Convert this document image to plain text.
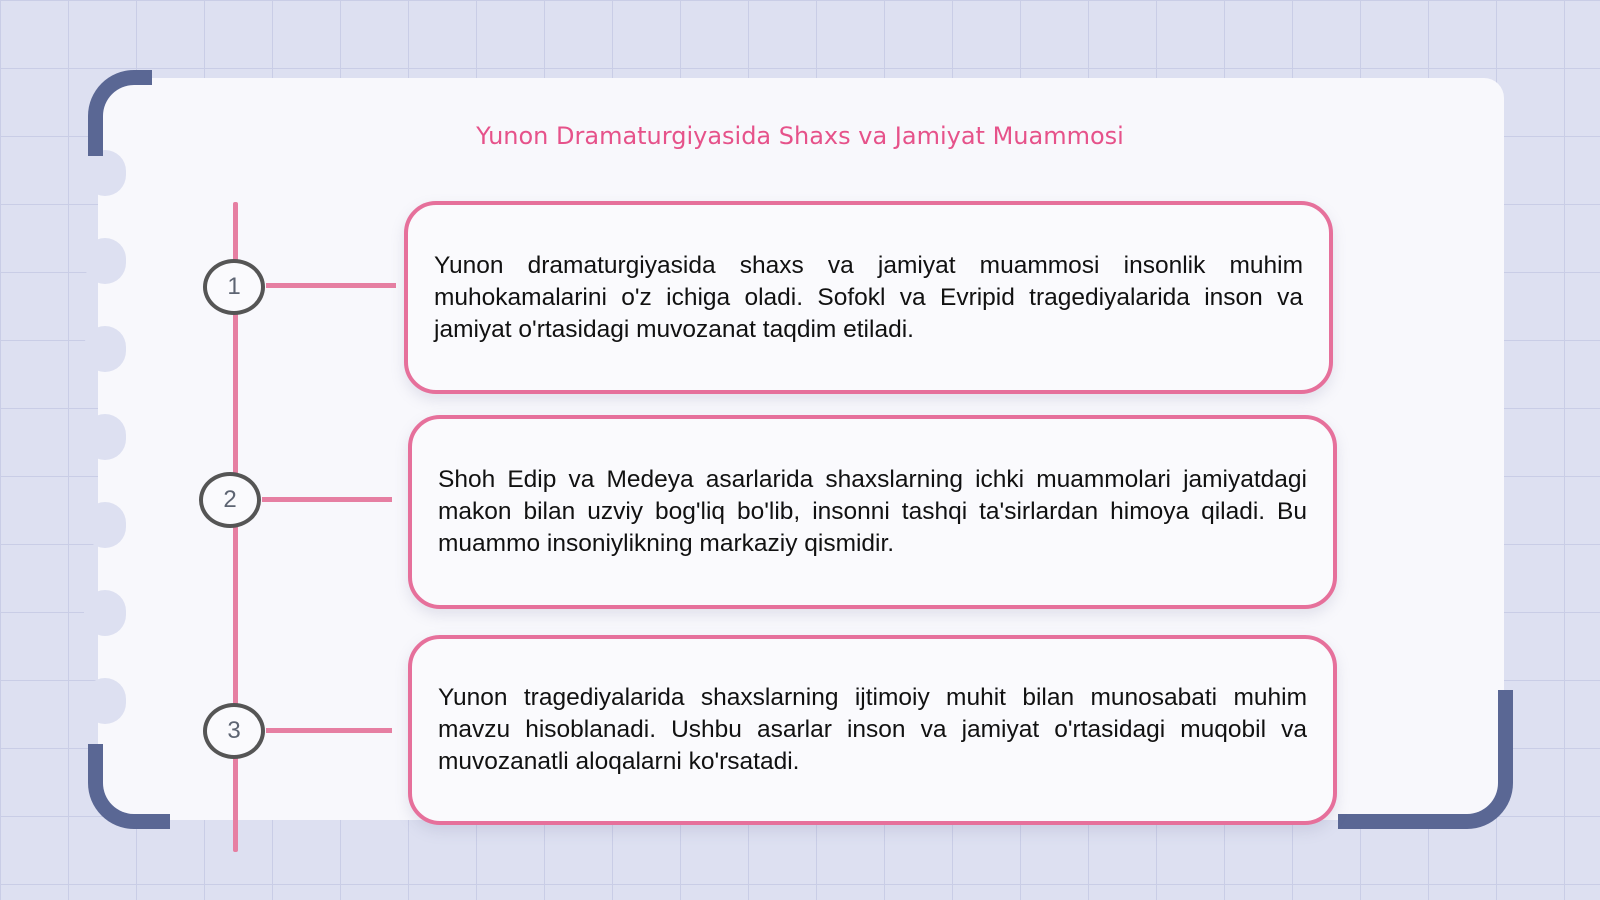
Yunon Dramaturgiyasida Shaxs va Jamiyat Muammosi
1

Yunon dramaturgiyasida shaxs va jamiyat muammosi insonlik muhim muhokamalarini o'z ichiga oladi. Sofokl va Evripid tragediyalarida inson va jamiyat o'rtasidagi muvozanat taqdim etiladi.

2

Shoh Edip va Medeya asarlarida shaxslarning ichki muammolari jamiyatdagi makon bilan uzviy bog'liq bo'lib, insonni tashqi ta'sirlardan himoya qiladi. Bu muammo insoniylikning markaziy qismidir.

3

Yunon tragediyalarida shaxslarning ijtimoiy muhit bilan munosabati muhim mavzu hisoblanadi. Ushbu asarlar inson va jamiyat o'rtasidagi muqobil va muvozanatli aloqalarni ko'rsatadi.
